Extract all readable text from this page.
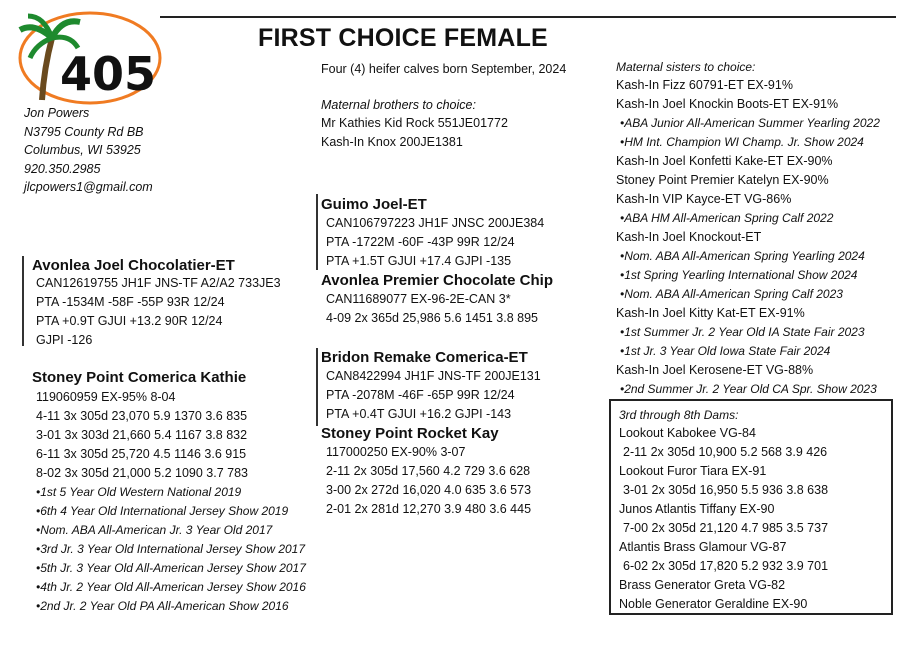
405
FIRST CHOICE FEMALE
Jon Powers
N3795 County Rd BB
Columbus, WI 53925
920.350.2985
jlcpowers1@gmail.com
Four (4) heifer calves born September, 2024
Maternal brothers to choice:
Mr Kathies Kid Rock 551JE01772
Kash-In Knox 200JE1381
Avonlea Joel Chocolatier-ET
CAN12619755 JH1F JNS-TF A2/A2 733JE3
PTA -1534M -58F -55P 93R 12/24
PTA +0.9T GJUI +13.2 90R 12/24
GJPI -126
Stoney Point Comerica Kathie
119060959 EX-95% 8-04
4-11 3x 305d 23,070 5.9 1370 3.6 835
3-01 3x 303d 21,660 5.4 1167 3.8 832
6-11 3x 305d 25,720 4.5 1146 3.6 915
8-02 3x 305d 21,000 5.2 1090 3.7 783
•1st 5 Year Old Western National 2019
•6th 4 Year Old International Jersey Show 2019
•Nom. ABA All-American Jr. 3 Year Old 2017
•3rd Jr. 3 Year Old International Jersey Show 2017
•5th Jr. 3 Year Old All-American Jersey Show 2017
•4th Jr. 2 Year Old All-American Jersey Show 2016
•2nd Jr. 2 Year Old PA All-American Show 2016
Guimo Joel-ET
CAN106797223 JH1F JNSC 200JE384
PTA -1722M -60F -43P 99R 12/24
PTA +1.5T GJUI +17.4 GJPI -135
Avonlea Premier Chocolate Chip
CAN11689077 EX-96-2E-CAN 3*
4-09 2x 365d 25,986 5.6 1451 3.8 895
Bridon Remake Comerica-ET
CAN8422994 JH1F JNS-TF 200JE131
PTA -2078M -46F -65P 99R 12/24
PTA +0.4T GJUI +16.2 GJPI -143
Stoney Point Rocket Kay
117000250 EX-90% 3-07
2-11 2x 305d 17,560 4.2 729 3.6 628
3-00 2x 272d 16,020 4.0 635 3.6 573
2-01 2x 281d 12,270 3.9 480 3.6 445
Maternal sisters to choice:
Kash-In Fizz 60791-ET EX-91%
Kash-In Joel Knockin Boots-ET EX-91%
•ABA Junior All-American Summer Yearling 2022
•HM Int. Champion WI Champ. Jr. Show 2024
Kash-In Joel Konfetti Kake-ET EX-90%
Stoney Point Premier Katelyn EX-90%
Kash-In VIP Kayce-ET VG-86%
•ABA HM All-American Spring Calf 2022
Kash-In Joel Knockout-ET
•Nom. ABA All-American Spring Yearling 2024
•1st Spring Yearling International Show 2024
•Nom. ABA All-American Spring Calf 2023
Kash-In Joel Kitty Kat-ET EX-91%
•1st Summer Jr. 2 Year Old IA State Fair 2023
•1st Jr. 3 Year Old Iowa State Fair 2024
Kash-In Joel Kerosene-ET VG-88%
•2nd Summer Jr. 2 Year Old CA Spr. Show 2023
3rd through 8th Dams:
Lookout Kabokee VG-84
2-11 2x 305d 10,900 5.2 568 3.9 426
Lookout Furor Tiara EX-91
3-01 2x 305d 16,950 5.5 936 3.8 638
Junos Atlantis Tiffany EX-90
7-00 2x 305d 21,120 4.7 985 3.5 737
Atlantis Brass Glamour VG-87
6-02 2x 305d 17,820 5.2 932 3.9 701
Brass Generator Greta VG-82
Noble Generator Geraldine EX-90
